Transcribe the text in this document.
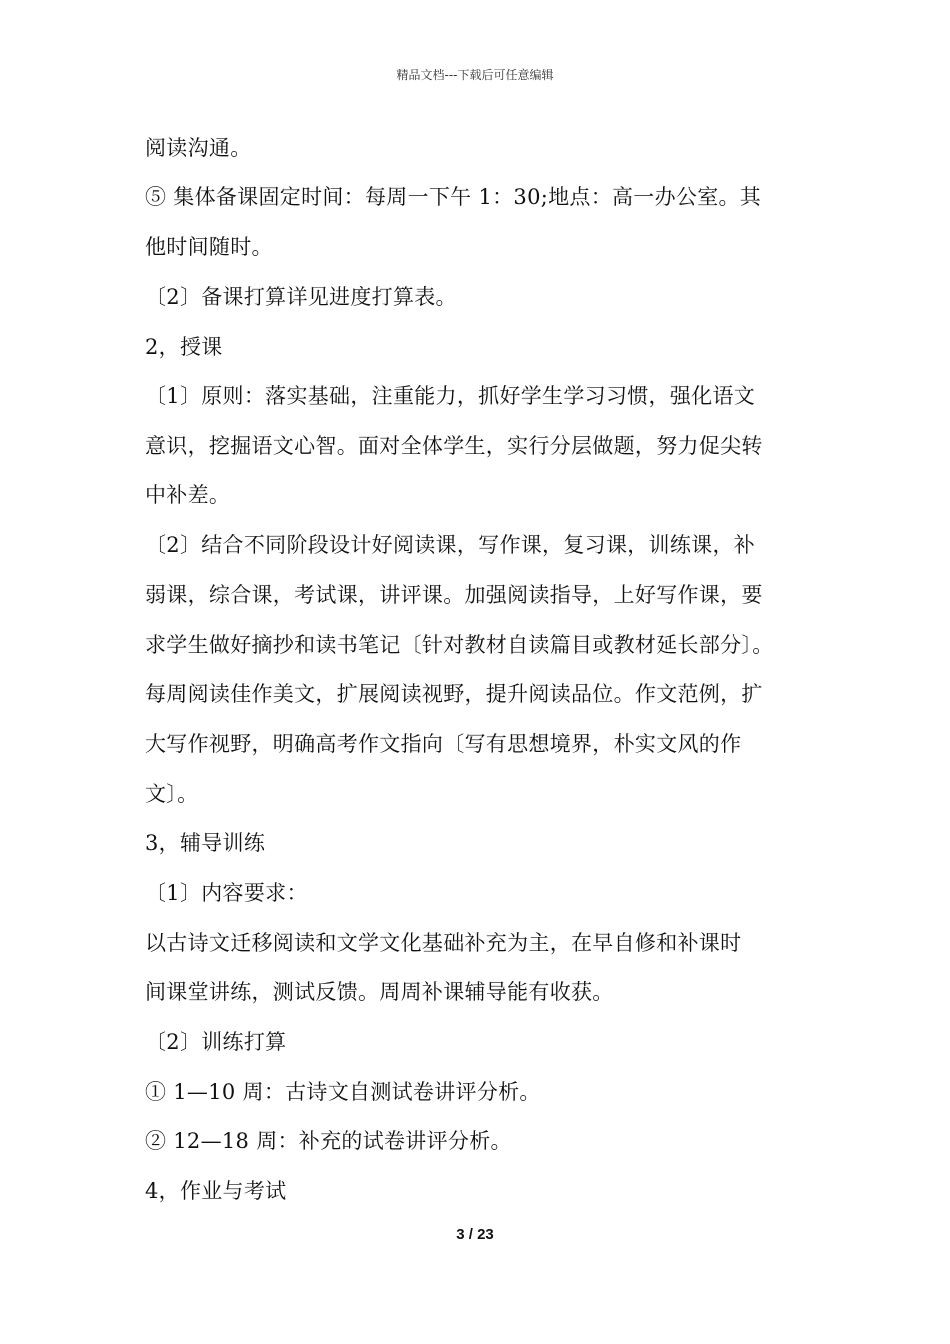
精品文档---下载后可任意编辑
阅读沟通。
⑤ 集体备课固定时间：每周一下午 1：30;地点：高一办公室。其
他时间随时。
〔2〕备课打算详见进度打算表。
2，授课
〔1〕原则：落实基础，注重能力，抓好学生学习习惯，强化语文
意识，挖掘语文心智。面对全体学生，实行分层做题，努力促尖转
中补差。
〔2〕结合不同阶段设计好阅读课，写作课，复习课，训练课，补
弱课，综合课，考试课，讲评课。加强阅读指导，上好写作课，要
求学生做好摘抄和读书笔记〔针对教材自读篇目或教材延长部分〕。
每周阅读佳作美文，扩展阅读视野，提升阅读品位。作文范例，扩
大写作视野，明确高考作文指向〔写有思想境界，朴实文风的作
文〕。
3，辅导训练
〔1〕内容要求：
以古诗文迁移阅读和文学文化基础补充为主，在早自修和补课时
间课堂讲练，测试反馈。周周补课辅导能有收获。
〔2〕训练打算
① 1—10 周：古诗文自测试卷讲评分析。
② 12—18 周：补充的试卷讲评分析。
4，作业与考试
3 / 23
